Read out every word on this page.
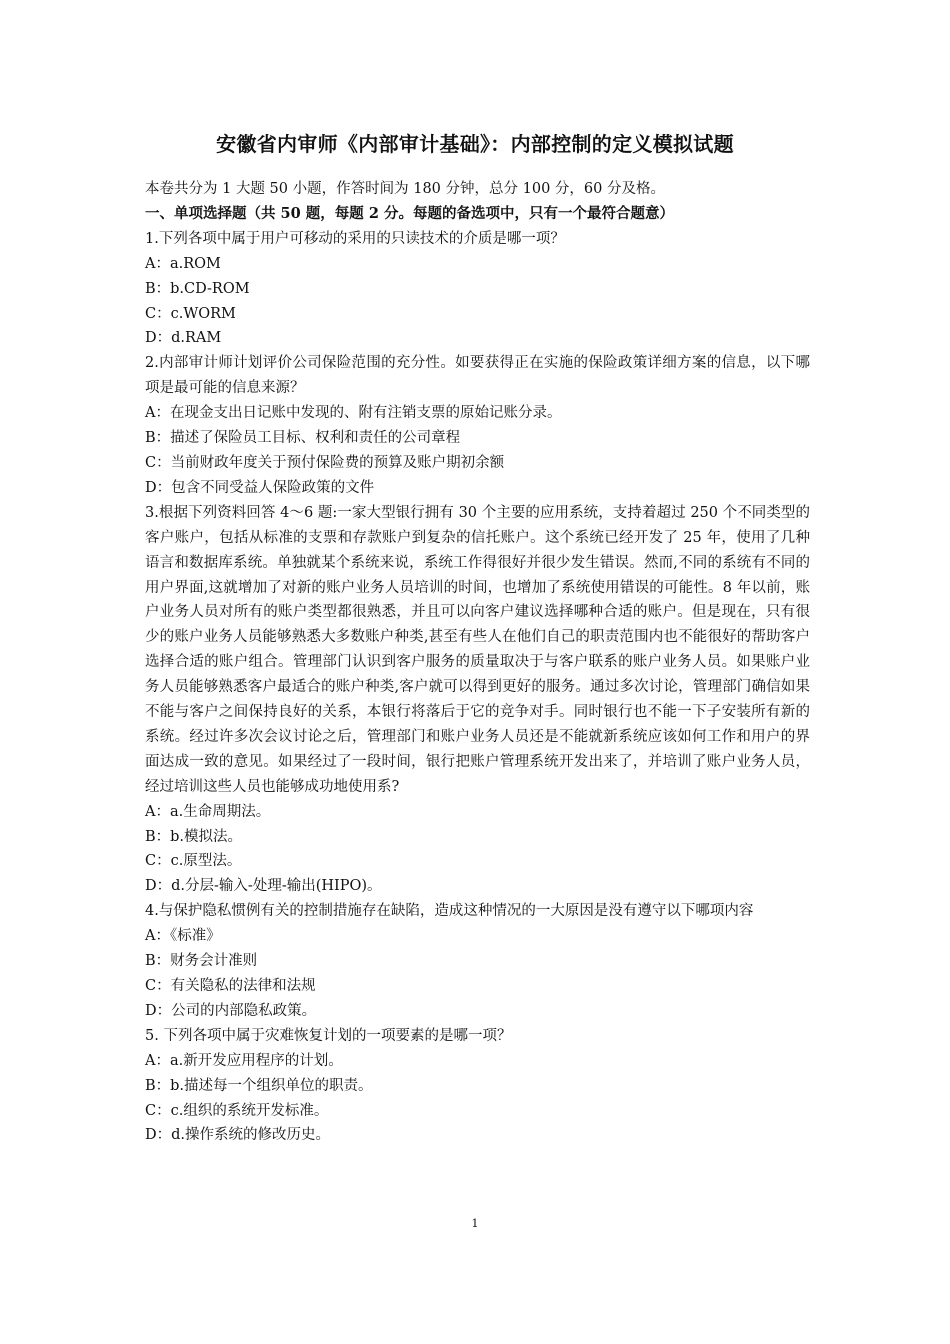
安徽省内审师《内部审计基础》：内部控制的定义模拟试题
本卷共分为 1 大题 50 小题，作答时间为 180 分钟，总分 100 分，60 分及格。
一、单项选择题（共 50 题，每题 2 分。每题的备选项中，只有一个最符合题意）
1.下列各项中属于用户可移动的采用的只读技术的介质是哪一项？
A：a.ROM
B：b.CD-ROM
C：c.WORM
D：d.RAM
2.内部审计师计划评价公司保险范围的充分性。如要获得正在实施的保险政策详细方案的信息，以下哪项是最可能的信息来源？
A：在现金支出日记账中发现的、附有注销支票的原始记账分录。
B：描述了保险员工目标、权利和责任的公司章程
C：当前财政年度关于预付保险费的预算及账户期初余额
D：包含不同受益人保险政策的文件
3.根据下列资料回答 4～6 题:一家大型银行拥有 30 个主要的应用系统，支持着超过 250 个不同类型的客户账户，包括从标准的支票和存款账户到复杂的信托账户。这个系统已经开发了 25 年，使用了几种语言和数据库系统。单独就某个系统来说，系统工作得很好并很少发生错误。然而,不同的系统有不同的用户界面,这就增加了对新的账户业务人员培训的时间，也增加了系统使用错误的可能性。8 年以前，账户业务人员对所有的账户类型都很熟悉，并且可以向客户建议选择哪种合适的账户。但是现在，只有很少的账户业务人员能够熟悉大多数账户种类,甚至有些人在他们自己的职责范围内也不能很好的帮助客户选择合适的账户组合。管理部门认识到客户服务的质量取决于与客户联系的账户业务人员。如果账户业务人员能够熟悉客户最适合的账户种类,客户就可以得到更好的服务。通过多次讨论，管理部门确信如果不能与客户之间保持良好的关系，本银行将落后于它的竞争对手。同时银行也不能一下子安装所有新的系统。经过许多次会议讨论之后，管理部门和账户业务人员还是不能就新系统应该如何工作和用户的界面达成一致的意见。如果经过了一段时间，银行把账户管理系统开发出来了，并培训了账户业务人员，经过培训这些人员也能够成功地使用系?
A：a.生命周期法。
B：b.模拟法。
C：c.原型法。
D：d.分层-输入-处理-输出(HIPO)。
4.与保护隐私惯例有关的控制措施存在缺陷，造成这种情况的一大原因是没有遵守以下哪项内容
A：《标准》
B：财务会计准则
C：有关隐私的法律和法规
D：公司的内部隐私政策。
5. 下列各项中属于灾难恢复计划的一项要素的是哪一项？
A：a.新开发应用程序的计划。
B：b.描述每一个组织单位的职责。
C：c.组织的系统开发标准。
D：d.操作系统的修改历史。
1
